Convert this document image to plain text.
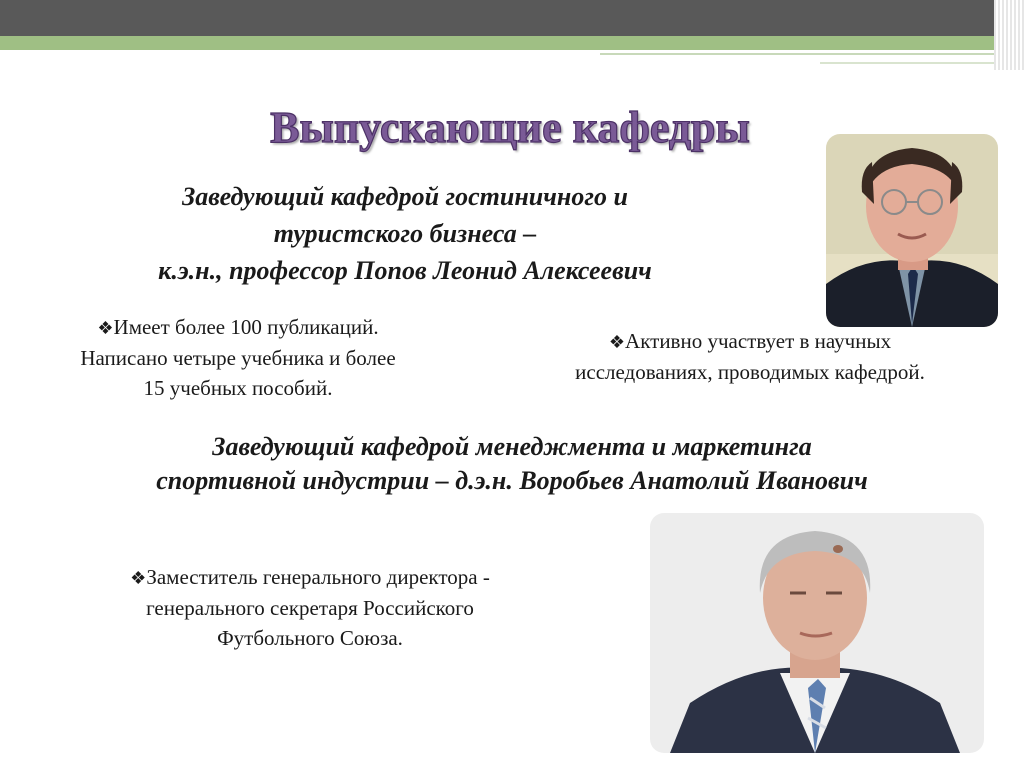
Выпускающие кафедры
Заведующий кафедрой гостиничного и
туристского бизнеса –
к.э.н., профессор Попов Леонид Алексеевич
❖Имеет более 100 публикаций.
Написано четыре учебника и более
15 учебных пособий.
❖Активно участвует в научных
исследованиях, проводимых кафедрой.
Заведующий кафедрой менеджмента и маркетинга
спортивной индустрии – д.э.н. Воробьев Анатолий Иванович
❖Заместитель генерального директора -
генерального секретаря Российского
Футбольного Союза.
